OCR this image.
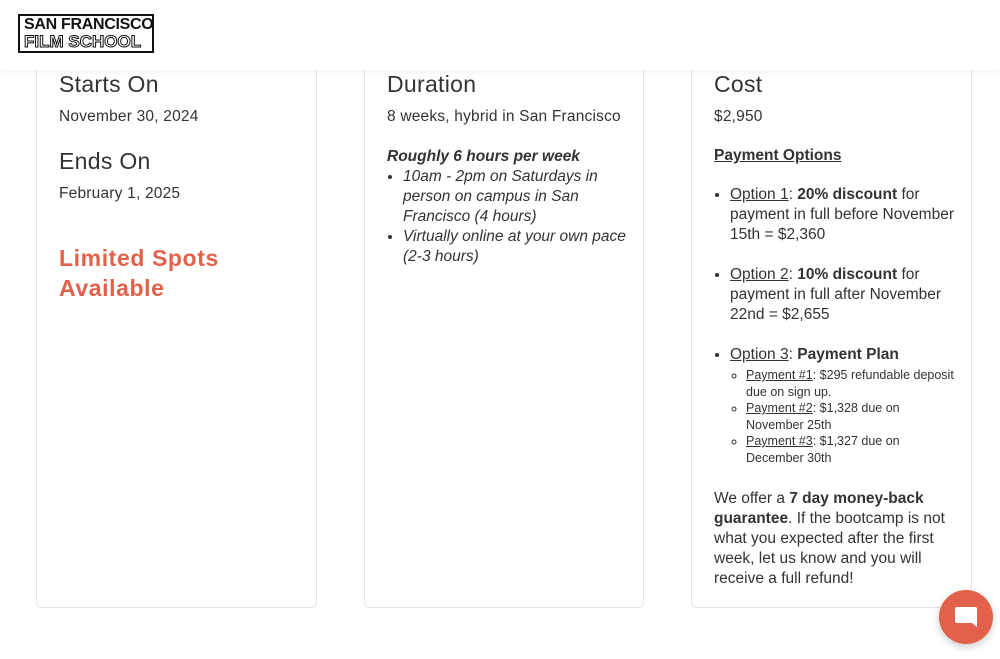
SAN FRANCISCO
FILM SCHOOL
Starts On
November 30, 2024
Ends On
February 1, 2025
Limited Spots Available
Duration
8 weeks, hybrid in San Francisco
Roughly 6 hours per week
• 10am - 2pm on Saturdays in person on campus in San Francisco (4 hours)
• Virtually online at your own pace (2-3 hours)
Cost
$2,950
Payment Options
• Option 1: 20% discount for payment in full before November 15th = $2,360
• Option 2: 10% discount for payment in full after November 22nd = $2,655
• Option 3: Payment Plan
◦ Payment #1: $295 refundable deposit due on sign up.
◦ Payment #2: $1,328 due on November 25th
◦ Payment #3: $1,327 due on December 30th
We offer a 7 day money-back guarantee. If the bootcamp is not what you expected after the first week, let us know and you will receive a full refund!
